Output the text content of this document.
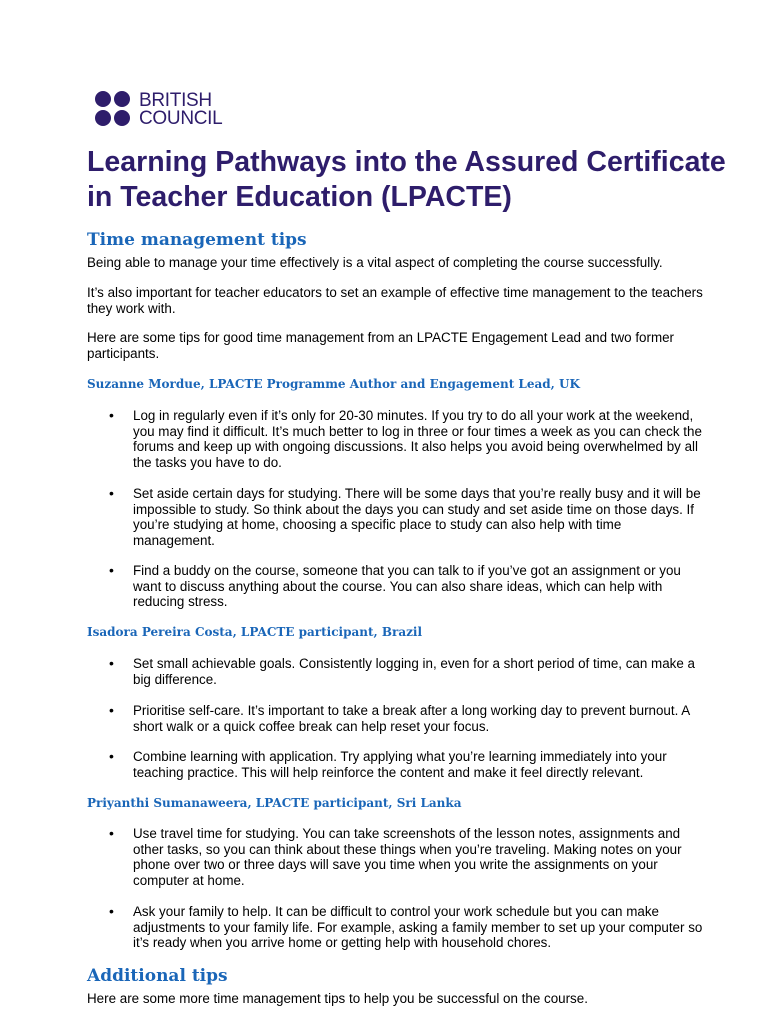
BRITISH
COUNCIL
Learning Pathways into the Assured Certificate in Teacher Education (LPACTE)
Time management tips

Being able to manage your time effectively is a vital aspect of completing the course successfully.

It’s also important for teacher educators to set an example of effective time management to the teachers they work with.

Here are some tips for good time management from an LPACTE Engagement Lead and two former participants.

Suzanne Mordue, LPACTE Programme Author and Engagement Lead, UK

• Log in regularly even if it’s only for 20-30 minutes. If you try to do all your work at the weekend, you may find it difficult. It’s much better to log in three or four times a week as you can check the forums and keep up with ongoing discussions. It also helps you avoid being overwhelmed by all the tasks you have to do.

• Set aside certain days for studying. There will be some days that you’re really busy and it will be impossible to study. So think about the days you can study and set aside time on those days. If you’re studying at home, choosing a specific place to study can also help with time management.

• Find a buddy on the course, someone that you can talk to if you’ve got an assignment or you want to discuss anything about the course. You can also share ideas, which can help with reducing stress.

Isadora Pereira Costa, LPACTE participant, Brazil

• Set small achievable goals. Consistently logging in, even for a short period of time, can make a big difference.

• Prioritise self-care. It’s important to take a break after a long working day to prevent burnout. A short walk or a quick coffee break can help reset your focus.

• Combine learning with application. Try applying what you’re learning immediately into your teaching practice. This will help reinforce the content and make it feel directly relevant.

Priyanthi Sumanaweera, LPACTE participant, Sri Lanka

• Use travel time for studying. You can take screenshots of the lesson notes, assignments and other tasks, so you can think about these things when you’re traveling. Making notes on your phone over two or three days will save you time when you write the assignments on your computer at home.

• Ask your family to help. It can be difficult to control your work schedule but you can make adjustments to your family life. For example, asking a family member to set up your computer so it’s ready when you arrive home or getting help with household chores.

Additional tips

Here are some more time management tips to help you be successful on the course.
